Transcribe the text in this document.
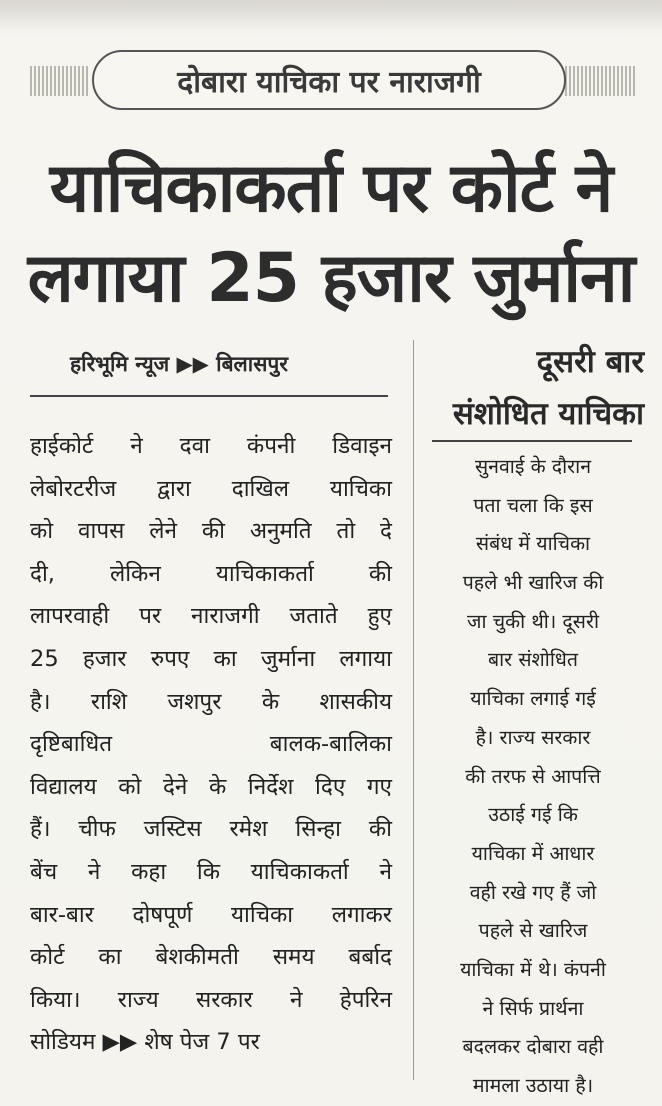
दोबारा याचिका पर नाराजगी
याचिकाकर्ता पर कोर्ट ने
लगाया 25 हजार जुर्माना
हरिभूमि न्यूज ▶▶ बिलासपुर
हाईकोर्ट ने दवा कंपनी डिवाइन
लेबोरटरीज द्वारा दाखिल याचिका
को वापस लेने की अनुमति तो दे
दी, लेकिन याचिकाकर्ता की
लापरवाही पर नाराजगी जताते हुए
25 हजार रुपए का जुर्माना लगाया
है। राशि जशपुर के शासकीय
दृष्टिबाधित बालक-बालिका
विद्यालय को देने के निर्देश दिए गए
हैं। चीफ जस्टिस रमेश सिन्हा की
बेंच ने कहा कि याचिकाकर्ता ने
बार-बार दोषपूर्ण याचिका लगाकर
कोर्ट का बेशकीमती समय बर्बाद
किया। राज्य सरकार ने हेपरिन
सोडियम ▶▶ शेष पेज 7 पर
दूसरी बार
संशोधित याचिका
सुनवाई के दौरान
पता चला कि इस
संबंध में याचिका
पहले भी खारिज की
जा चुकी थी। दूसरी
बार संशोधित
याचिका लगाई गई
है। राज्य सरकार
की तरफ से आपत्ति
उठाई गई कि
याचिका में आधार
वही रखे गए हैं जो
पहले से खारिज
याचिका में थे। कंपनी
ने सिर्फ प्रार्थना
बदलकर दोबारा वही
मामला उठाया है।
